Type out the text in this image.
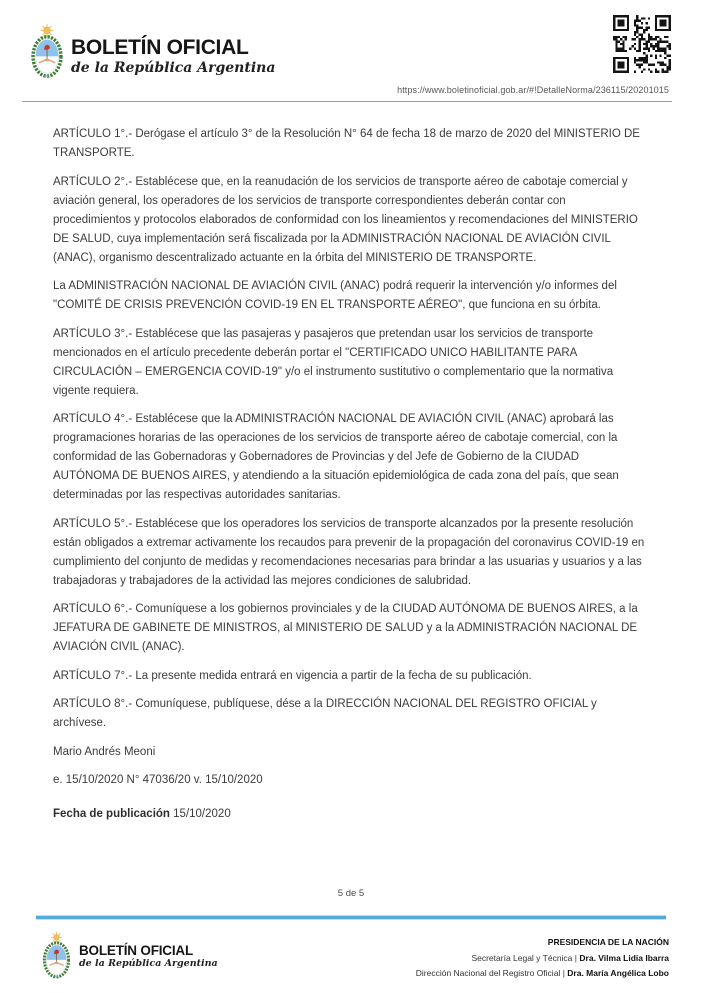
BOLETÍN OFICIAL
de la República Argentina
https://www.boletinoficial.gob.ar/#!DetalleNorma/236115/20201015

ARTÍCULO 1°.- Derógase el artículo 3° de la Resolución N° 64 de fecha 18 de marzo de 2020 del MINISTERIO DE TRANSPORTE.

ARTÍCULO 2°.- Establécese que, en la reanudación de los servicios de transporte aéreo de cabotaje comercial y aviación general, los operadores de los servicios de transporte correspondientes deberán contar con procedimientos y protocolos elaborados de conformidad con los lineamientos y recomendaciones del MINISTERIO DE SALUD, cuya implementación será fiscalizada por la ADMINISTRACIÓN NACIONAL DE AVIACIÓN CIVIL (ANAC), organismo descentralizado actuante en la órbita del MINISTERIO DE TRANSPORTE.

La ADMINISTRACIÓN NACIONAL DE AVIACIÓN CIVIL (ANAC) podrá requerir la intervención y/o informes del "COMITÉ DE CRISIS PREVENCIÓN COVID-19 EN EL TRANSPORTE AÉREO", que funciona en su órbita.

ARTÍCULO 3°.- Establécese que las pasajeras y pasajeros que pretendan usar los servicios de transporte mencionados en el artículo precedente deberán portar el "CERTIFICADO UNICO HABILITANTE PARA CIRCULACIÓN – EMERGENCIA COVID-19" y/o el instrumento sustitutivo o complementario que la normativa vigente requiera.

ARTÍCULO 4°.- Establécese que la ADMINISTRACIÓN NACIONAL DE AVIACIÓN CIVIL (ANAC) aprobará las programaciones horarias de las operaciones de los servicios de transporte aéreo de cabotaje comercial, con la conformidad de las Gobernadoras y Gobernadores de Provincias y del Jefe de Gobierno de la CIUDAD AUTÓNOMA DE BUENOS AIRES, y atendiendo a la situación epidemiológica de cada zona del país, que sean determinadas por las respectivas autoridades sanitarias.

ARTÍCULO 5°.- Establécese que los operadores los servicios de transporte alcanzados por la presente resolución están obligados a extremar activamente los recaudos para prevenir de la propagación del coronavirus COVID-19 en cumplimiento del conjunto de medidas y recomendaciones necesarias para brindar a las usuarias y usuarios y a las trabajadoras y trabajadores de la actividad las mejores condiciones de salubridad.

ARTÍCULO 6°.- Comuníquese a los gobiernos provinciales y de la CIUDAD AUTÓNOMA DE BUENOS AIRES, a la JEFATURA DE GABINETE DE MINISTROS, al MINISTERIO DE SALUD y a la ADMINISTRACIÓN NACIONAL DE AVIACIÓN CIVIL (ANAC).

ARTÍCULO 7°.- La presente medida entrará en vigencia a partir de la fecha de su publicación.

ARTÍCULO 8°.- Comuníquese, publíquese, dése a la DIRECCIÓN NACIONAL DEL REGISTRO OFICIAL y archívese.

Mario Andrés Meoni

e. 15/10/2020 N° 47036/20 v. 15/10/2020

Fecha de publicación 15/10/2020

5 de 5
BOLETÍN OFICIAL
de la República Argentina
PRESIDENCIA DE LA NACIÓN
Secretaría Legal y Técnica | Dra. Vilma Lidia Ibarra
Dirección Nacional del Registro Oficial | Dra. María Angélica Lobo
